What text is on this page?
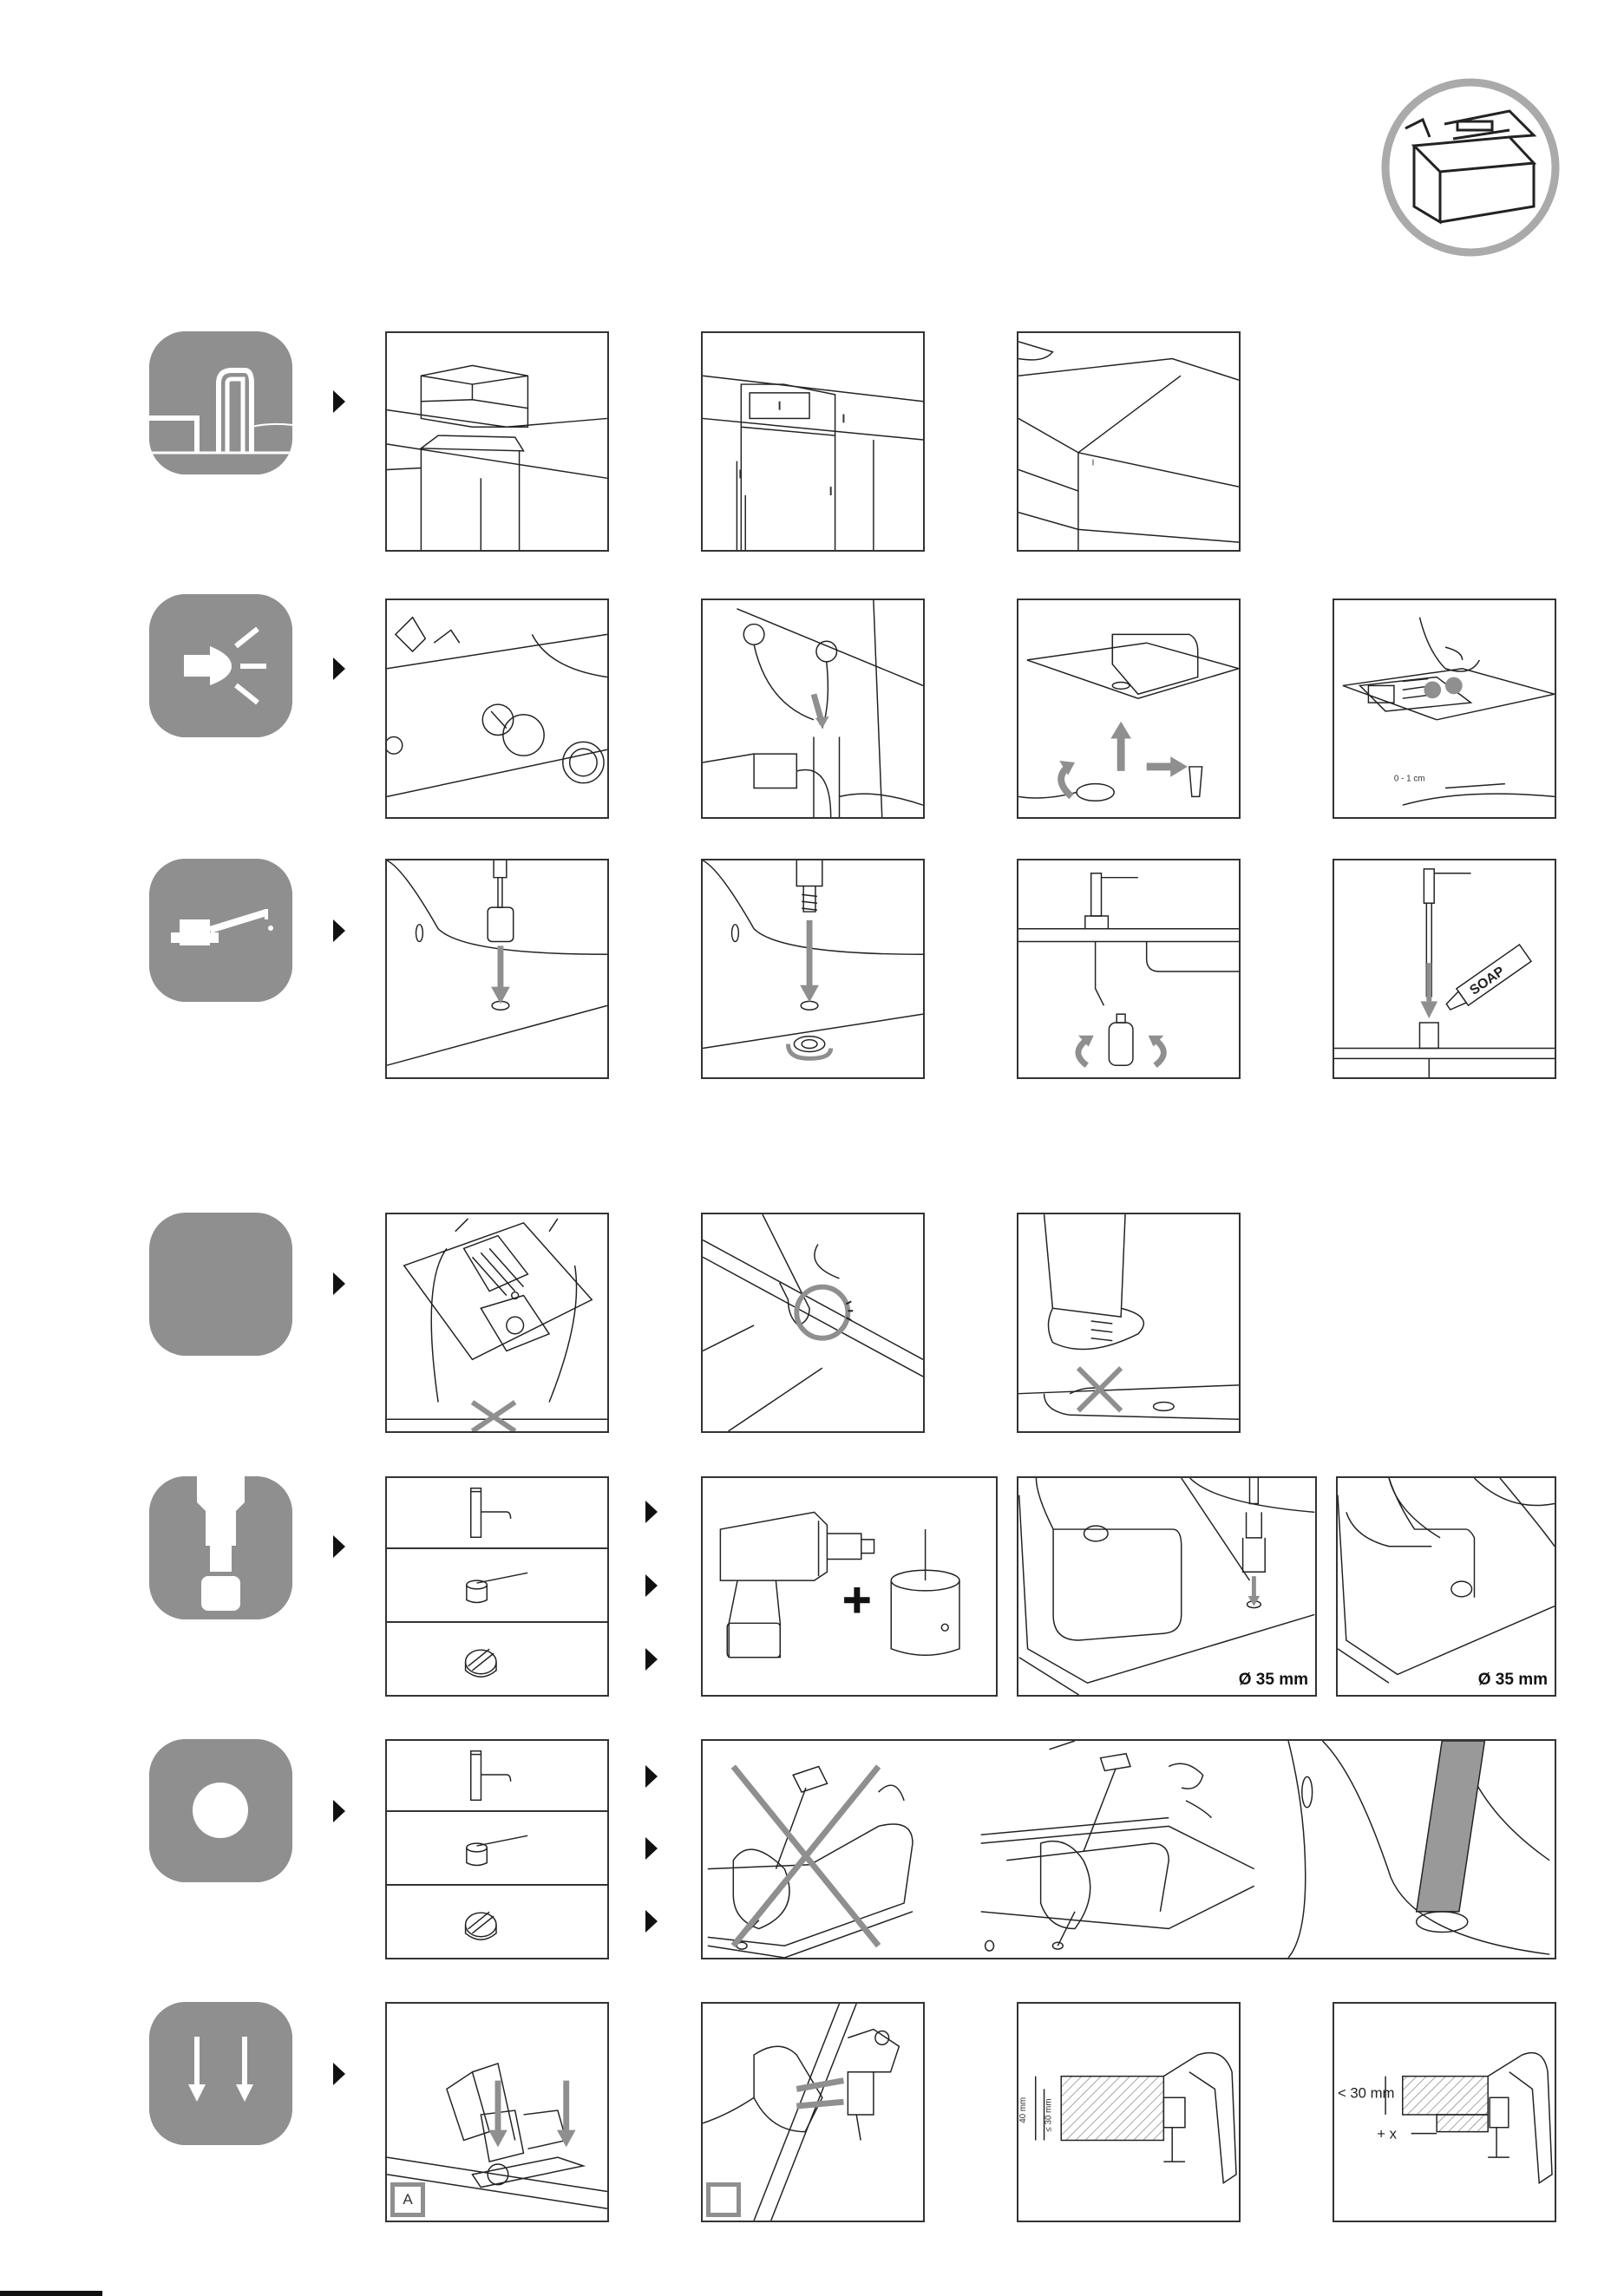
I
0 - 1 cm
SOAP
Ø 35 mm	Ø 35 mm
A
40 mm ≤ 30 mm
< 30 mm
+ x
